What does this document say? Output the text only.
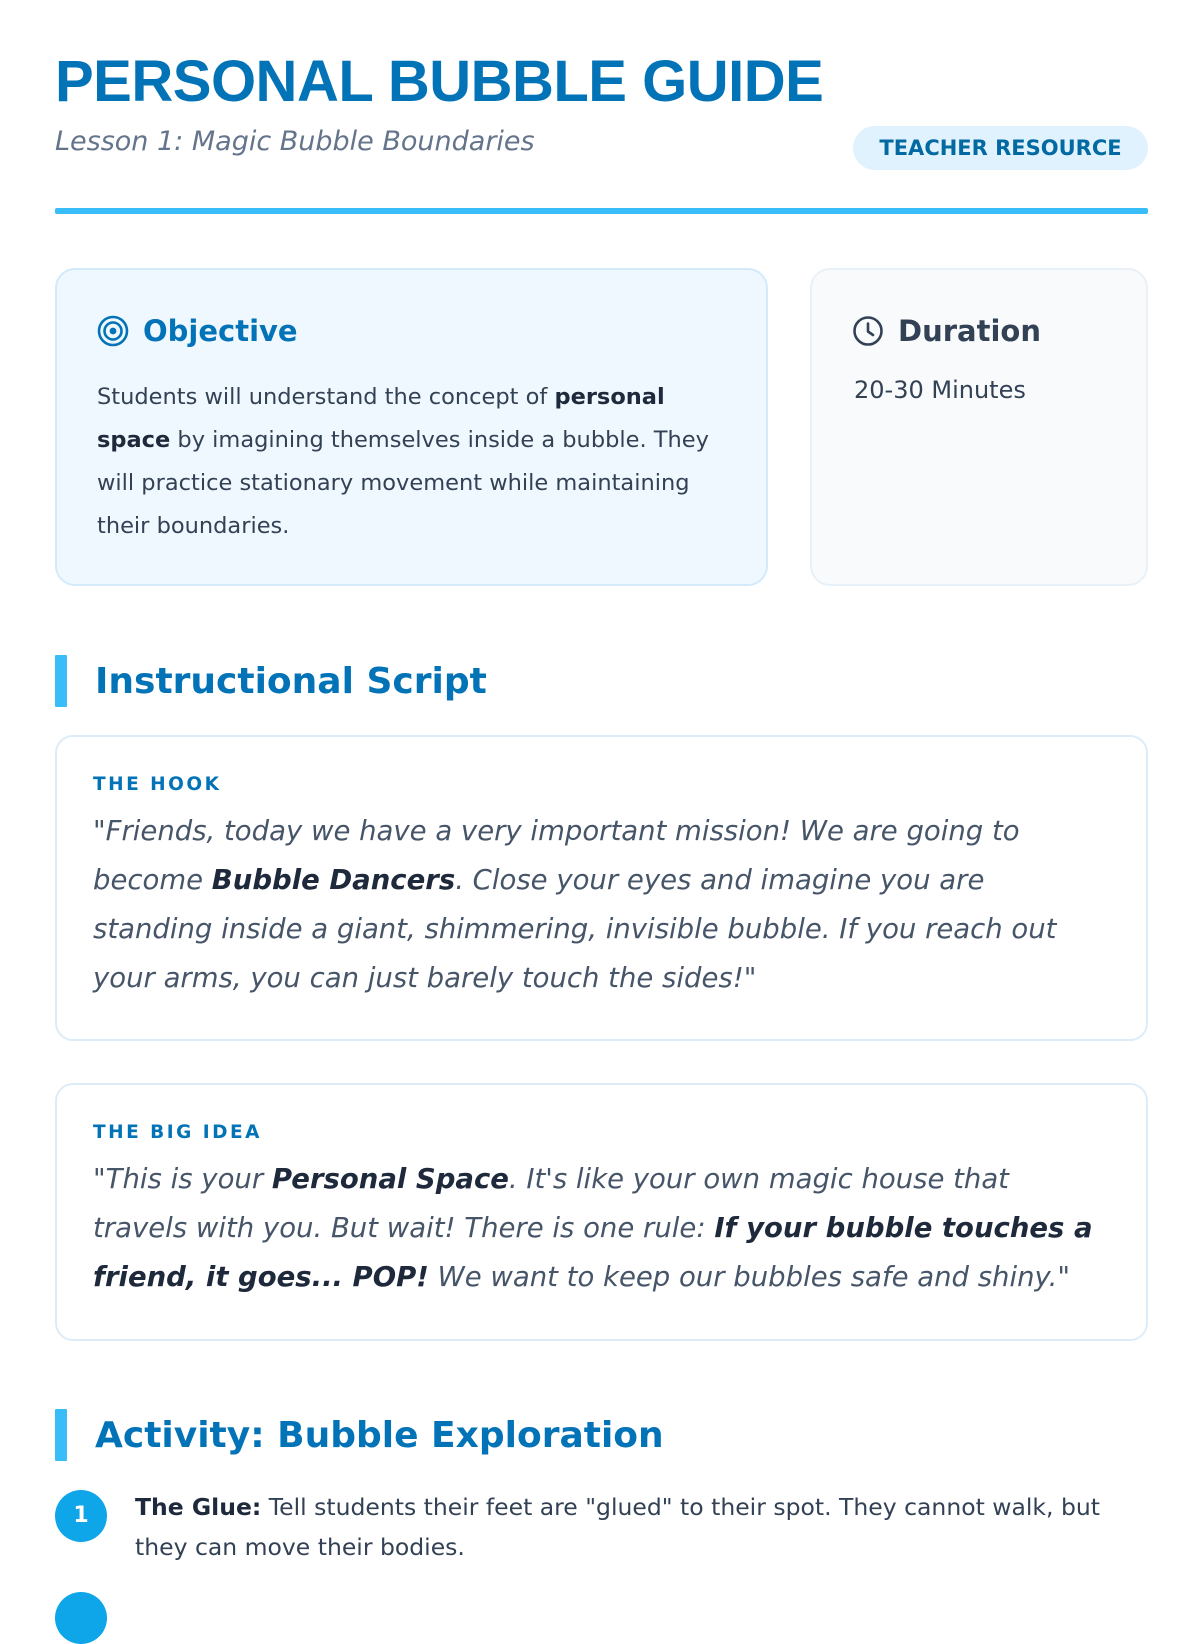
PERSONAL BUBBLE GUIDE
Lesson 1: Magic Bubble Boundaries	TEACHER RESOURCE
Objective

Students will understand the concept of personal space by imagining themselves inside a bubble. They will practice stationary movement while maintaining their boundaries.

Duration
20-30 Minutes
Instructional Script
THE HOOK

"Friends, today we have a very important mission! We are going to become Bubble Dancers. Close your eyes and imagine you are standing inside a giant, shimmering, invisible bubble. If you reach out your arms, you can just barely touch the sides!"

THE BIG IDEA

"This is your Personal Space. It's like your own magic house that travels with you. But wait! There is one rule: If your bubble touches a friend, it goes... POP! We want to keep our bubbles safe and shiny."

Activity: Bubble Exploration
1	The Glue: Tell students their feet are "glued" to their spot. They cannot walk, but they can move their bodies.
